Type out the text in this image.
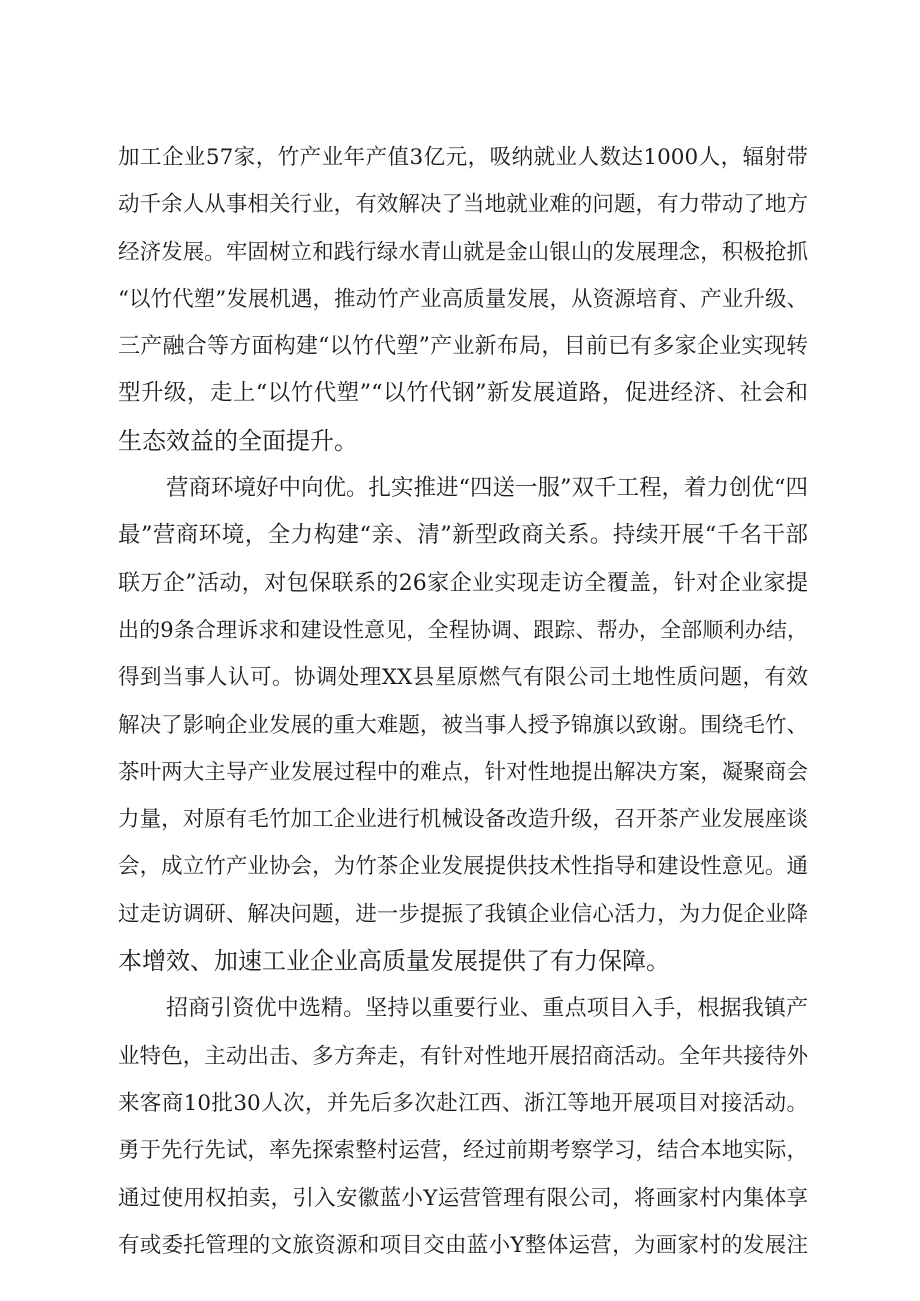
加工企业57家，竹产业年产值3亿元，吸纳就业人数达1000人，辐射带
动千余人从事相关行业，有效解决了当地就业难的问题，有力带动了地方
经济发展。牢固树立和践行绿水青山就是金山银山的发展理念，积极抢抓
“以竹代塑”发展机遇，推动竹产业高质量发展，从资源培育、产业升级、
三产融合等方面构建“以竹代塑”产业新布局，目前已有多家企业实现转
型升级，走上“以竹代塑”“以竹代钢”新发展道路，促进经济、社会和
生态效益的全面提升。
营商环境好中向优。扎实推进“四送一服”双千工程，着力创优“四
最”营商环境，全力构建“亲、清”新型政商关系。持续开展“千名干部
联万企”活动，对包保联系的26家企业实现走访全覆盖，针对企业家提
出的9条合理诉求和建设性意见，全程协调、跟踪、帮办，全部顺利办结，
得到当事人认可。协调处理XX县星原燃气有限公司土地性质问题，有效
解决了影响企业发展的重大难题，被当事人授予锦旗以致谢。围绕毛竹、
茶叶两大主导产业发展过程中的难点，针对性地提出解决方案，凝聚商会
力量，对原有毛竹加工企业进行机械设备改造升级，召开茶产业发展座谈
会，成立竹产业协会，为竹茶企业发展提供技术性指导和建设性意见。通
过走访调研、解决问题，进一步提振了我镇企业信心活力，为力促企业降
本增效、加速工业企业高质量发展提供了有力保障。
招商引资优中选精。坚持以重要行业、重点项目入手，根据我镇产
业特色，主动出击、多方奔走，有针对性地开展招商活动。全年共接待外
来客商10批30人次，并先后多次赴江西、浙江等地开展项目对接活动。
勇于先行先试，率先探索整村运营，经过前期考察学习，结合本地实际，
通过使用权拍卖，引入安徽蓝小Y运营管理有限公司，将画家村内集体享
有或委托管理的文旅资源和项目交由蓝小Y整体运营，为画家村的发展注
